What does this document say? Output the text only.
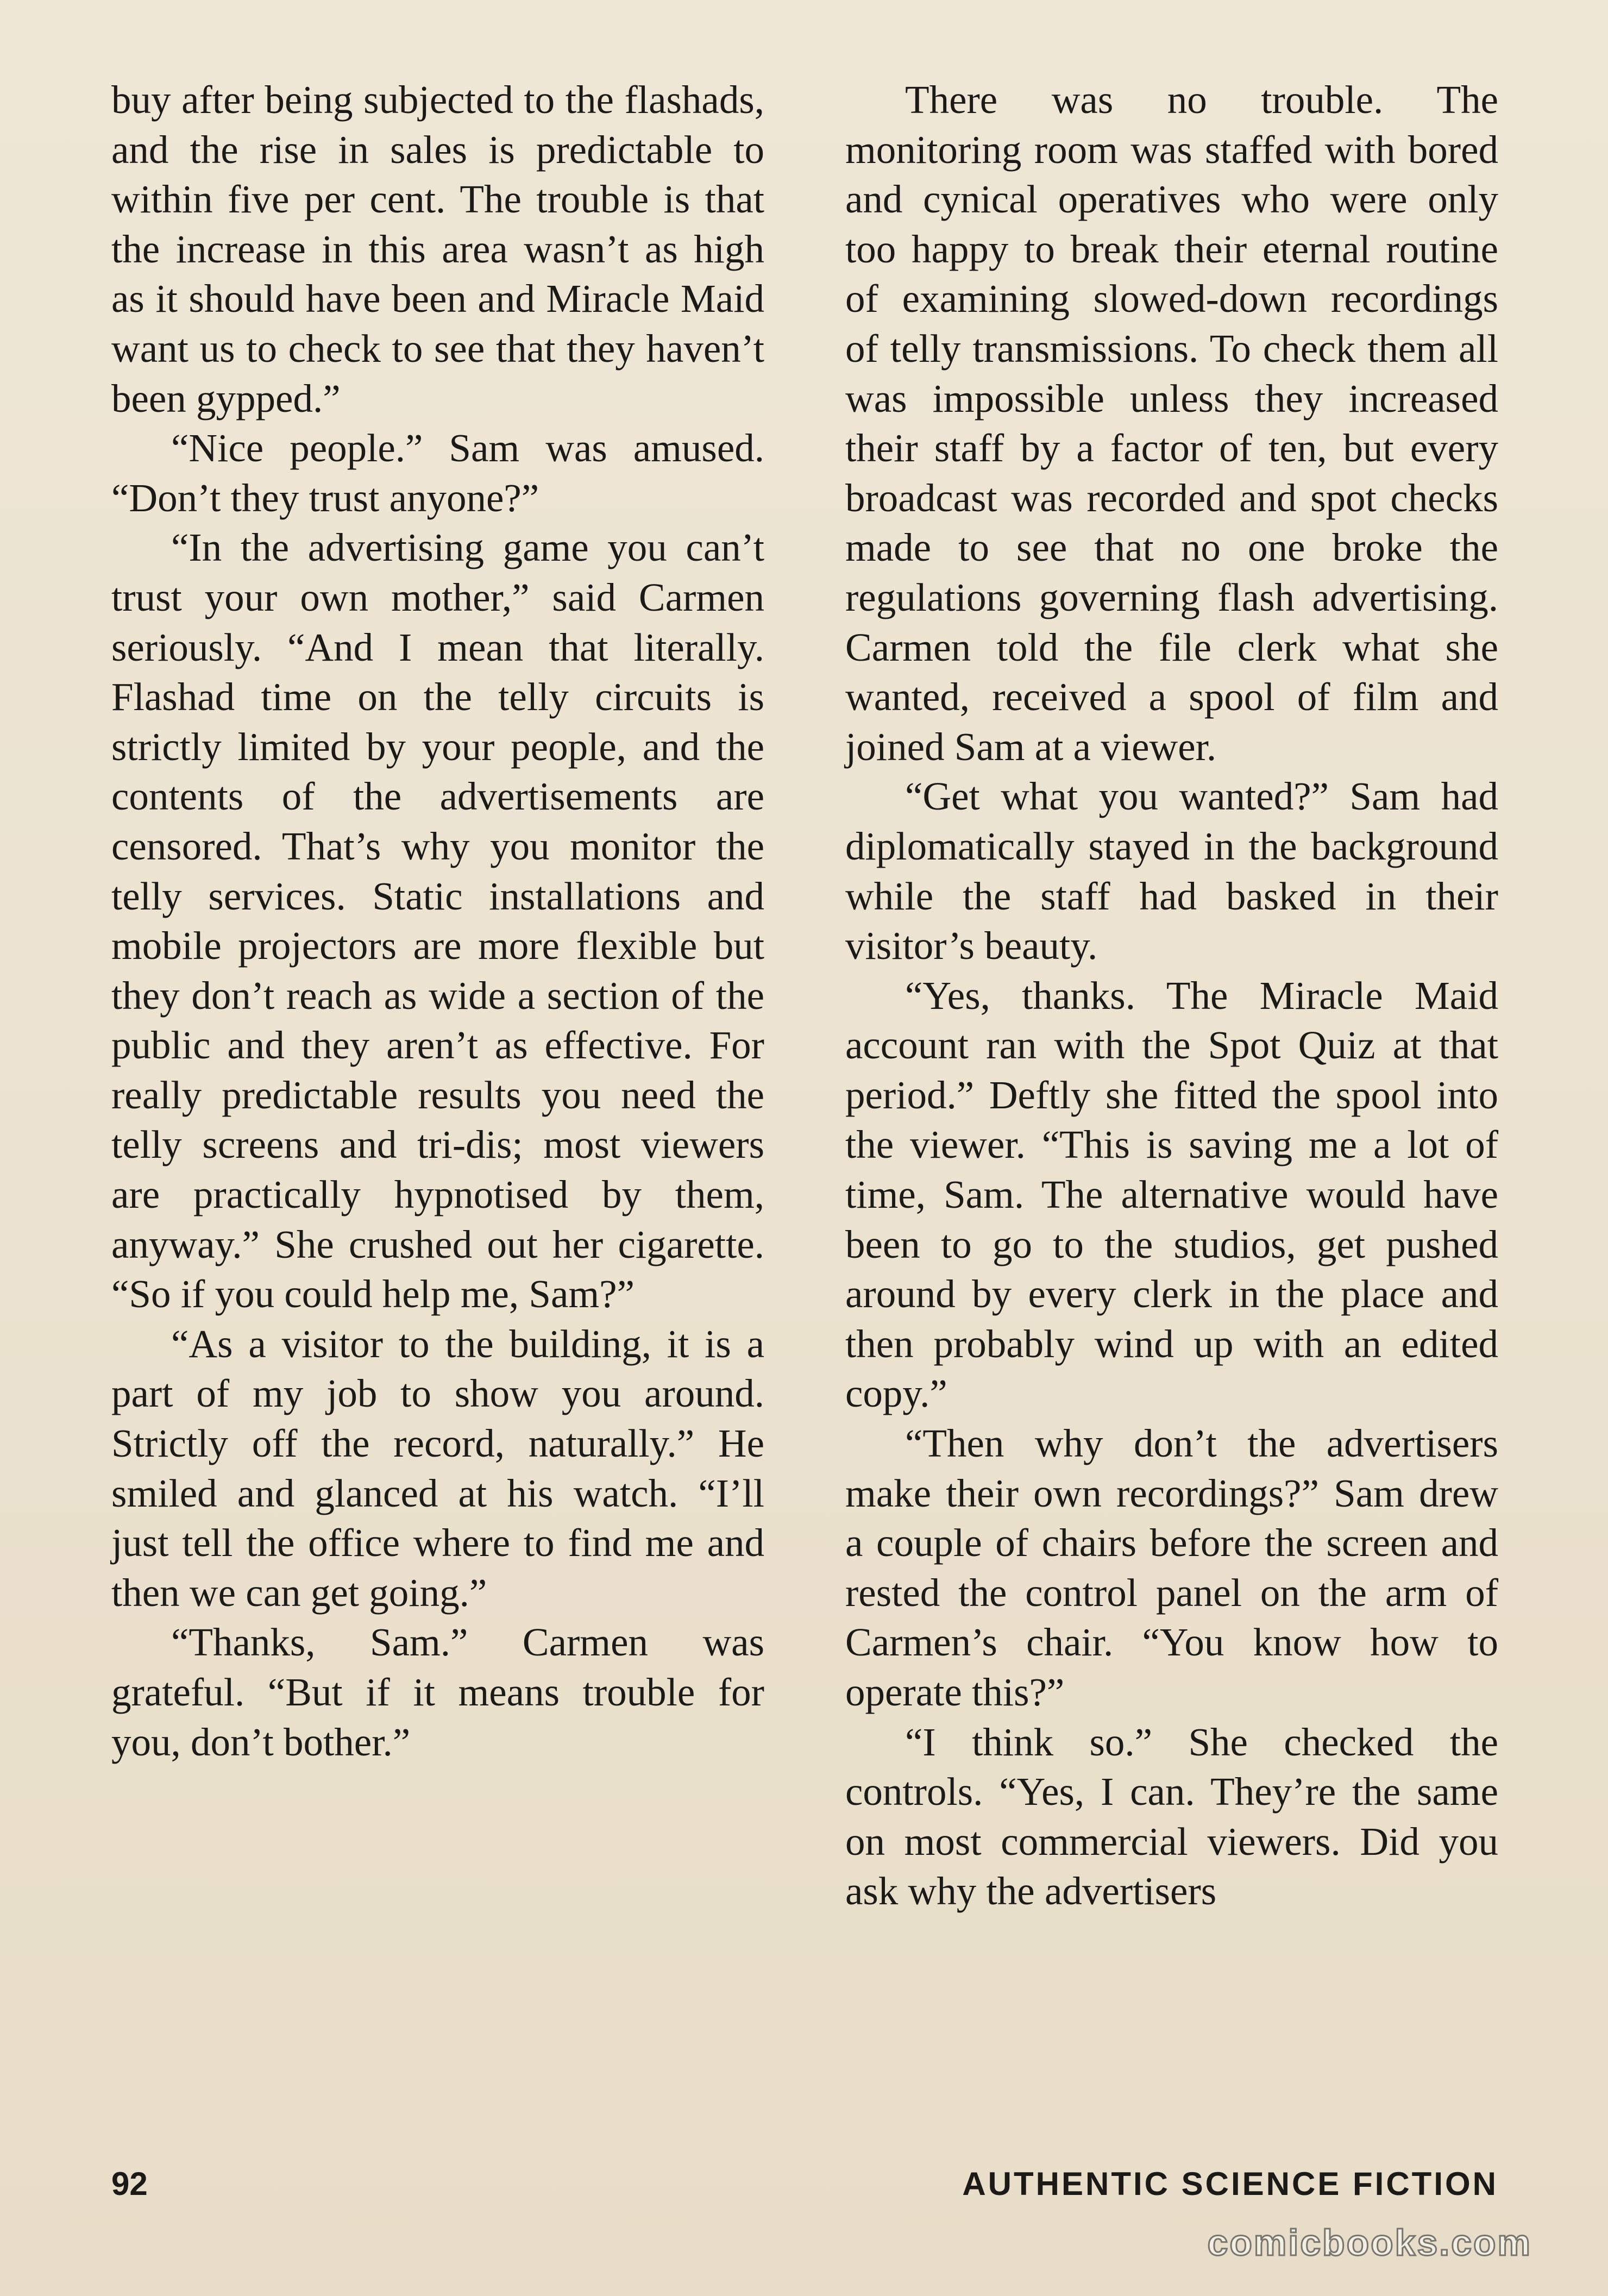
buy after being subjected to the flashads, and the rise in sales is predictable to within five per cent. The trouble is that the increase in this area wasn’t as high as it should have been and Miracle Maid want us to check to see that they haven’t been gypped.”

“Nice people.” Sam was amused. “Don’t they trust anyone?”

“In the advertising game you can’t trust your own mother,” said Carmen seriously. “And I mean that literally. Flashad time on the telly circuits is strictly limited by your people, and the contents of the advertisements are censored. That’s why you monitor the telly services. Static installations and mobile projectors are more flexible but they don’t reach as wide a section of the public and they aren’t as effective. For really predictable results you need the telly screens and tri-dis; most viewers are practically hypnotised by them, anyway.” She crushed out her cigarette. “So if you could help me, Sam?”

“As a visitor to the building, it is a part of my job to show you around. Strictly off the record, naturally.” He smiled and glanced at his watch. “I’ll just tell the office where to find me and then we can get going.”

“Thanks, Sam.” Carmen was grateful. “But if it means trouble for you, don’t bother.”

There was no trouble. The monitoring room was staffed with bored and cynical operatives who were only too happy to break their eternal routine of examining slowed-down recordings of telly transmissions. To check them all was impossible unless they increased their staff by a factor of ten, but every broadcast was recorded and spot checks made to see that no one broke the regulations governing flash advertising. Carmen told the file clerk what she wanted, received a spool of film and joined Sam at a viewer.

“Get what you wanted?” Sam had diplomatically stayed in the background while the staff had basked in their visitor’s beauty.

“Yes, thanks. The Miracle Maid account ran with the Spot Quiz at that period.” Deftly she fitted the spool into the viewer. “This is saving me a lot of time, Sam. The alternative would have been to go to the studios, get pushed around by every clerk in the place and then probably wind up with an edited copy.”

“Then why don’t the advertisers make their own recordings?” Sam drew a couple of chairs before the screen and rested the control panel on the arm of Carmen’s chair. “You know how to operate this?”

“I think so.” She checked the controls. “Yes, I can. They’re the same on most commercial viewers. Did you ask why the advertisers

92	AUTHENTIC SCIENCE FICTION
comicbooks.com
